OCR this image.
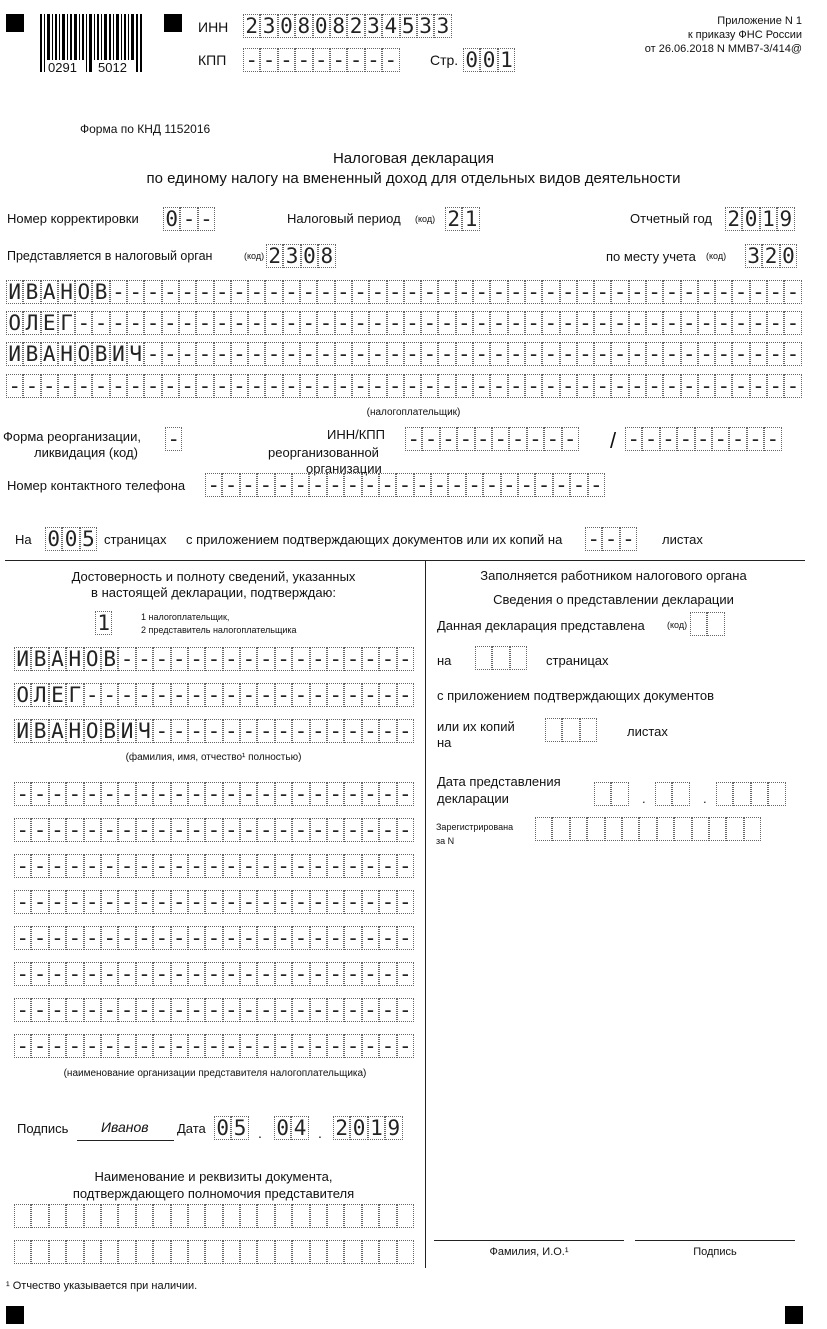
0291 5012
ИНН 2 3 0 8 0 8 2 3 4 5 3 3
КПП - - - - - - - - - Стр. 0 0 1
Приложение N 1
к приказу ФНС России
от 26.06.2018 N ММВ7-3/414@
Форма по КНД 1152016
Налоговая декларация
по единому налогу на вмененный доход для отдельных видов деятельности
Номер корректировки 0 - -	Налоговый период (код) 2 1	Отчетный год 2 0 1 9
Представляется в налоговый орган	(код) 2 3 0 8	по месту учета (код) 3 2 0
И В А Н О В - - - - - - - - - - - - - - - - - - - - - - - - - - - - - - - - - - - - - - - -
О Л Е Г - - - - - - - - - - - - - - - - - - - - - - - - - - - - - - - - - - - - - - - - - -
И В А Н О В И Ч - - - - - - - - - - - - - - - - - - - - - - - - - - - - - - - - - - - - - -
- - - - - - - - - - - - - - - - - - - - - - - - - - - - - - - - - - - - - - - - - - - - - -
(налогоплательщик)
Форма реорганизации,
ликвидация (код)
-	ИНН/КПП
реорганизованной
организации
- - - - - - - - - - / - - - - - - - - -
Номер контактного телефона - - - - - - - - - - - - - - - - - - - - - - -
На 0 0 5 страницах с приложением подтверждающих документов или их копий на	- - - листах
Достоверность и полноту сведений, указанных
в настоящей декларации, подтверждаю:
1	1 налогоплательщик,
2 представитель налогоплательщика
И В А Н О В - - - - - - - - - - - - - - - - -
О Л Е Г - - - - - - - - - - - - - - - - - - -
И В А Н О В И Ч - - - - - - - - - - - - - - -
(фамилия, имя, отчество¹ полностью)
- - - - - - - - - - - - - - - - - - - - - - -
- - - - - - - - - - - - - - - - - - - - - - -
- - - - - - - - - - - - - - - - - - - - - - -
- - - - - - - - - - - - - - - - - - - - - - -
- - - - - - - - - - - - - - - - - - - - - - -
- - - - - - - - - - - - - - - - - - - - - - -
- - - - - - - - - - - - - - - - - - - - - - -
- - - - - - - - - - - - - - - - - - - - - - -
(наименование организации представителя налогоплательщика)
Подпись Иванов Дата 0 5 . 0 4 . 2 0 1 9
Наименование и реквизиты документа,
подтверждающего полномочия представителя
Заполняется работником налогового органа
Сведения о представлении декларации
Данная декларация представлена (код)
на	страницах
с приложением подтверждающих документов
или их копий
на
листах
Дата представления
декларации	.	.
Зарегистрирована
за N
Фамилия, И.О.¹	Подпись
¹ Отчество указывается при наличии.
